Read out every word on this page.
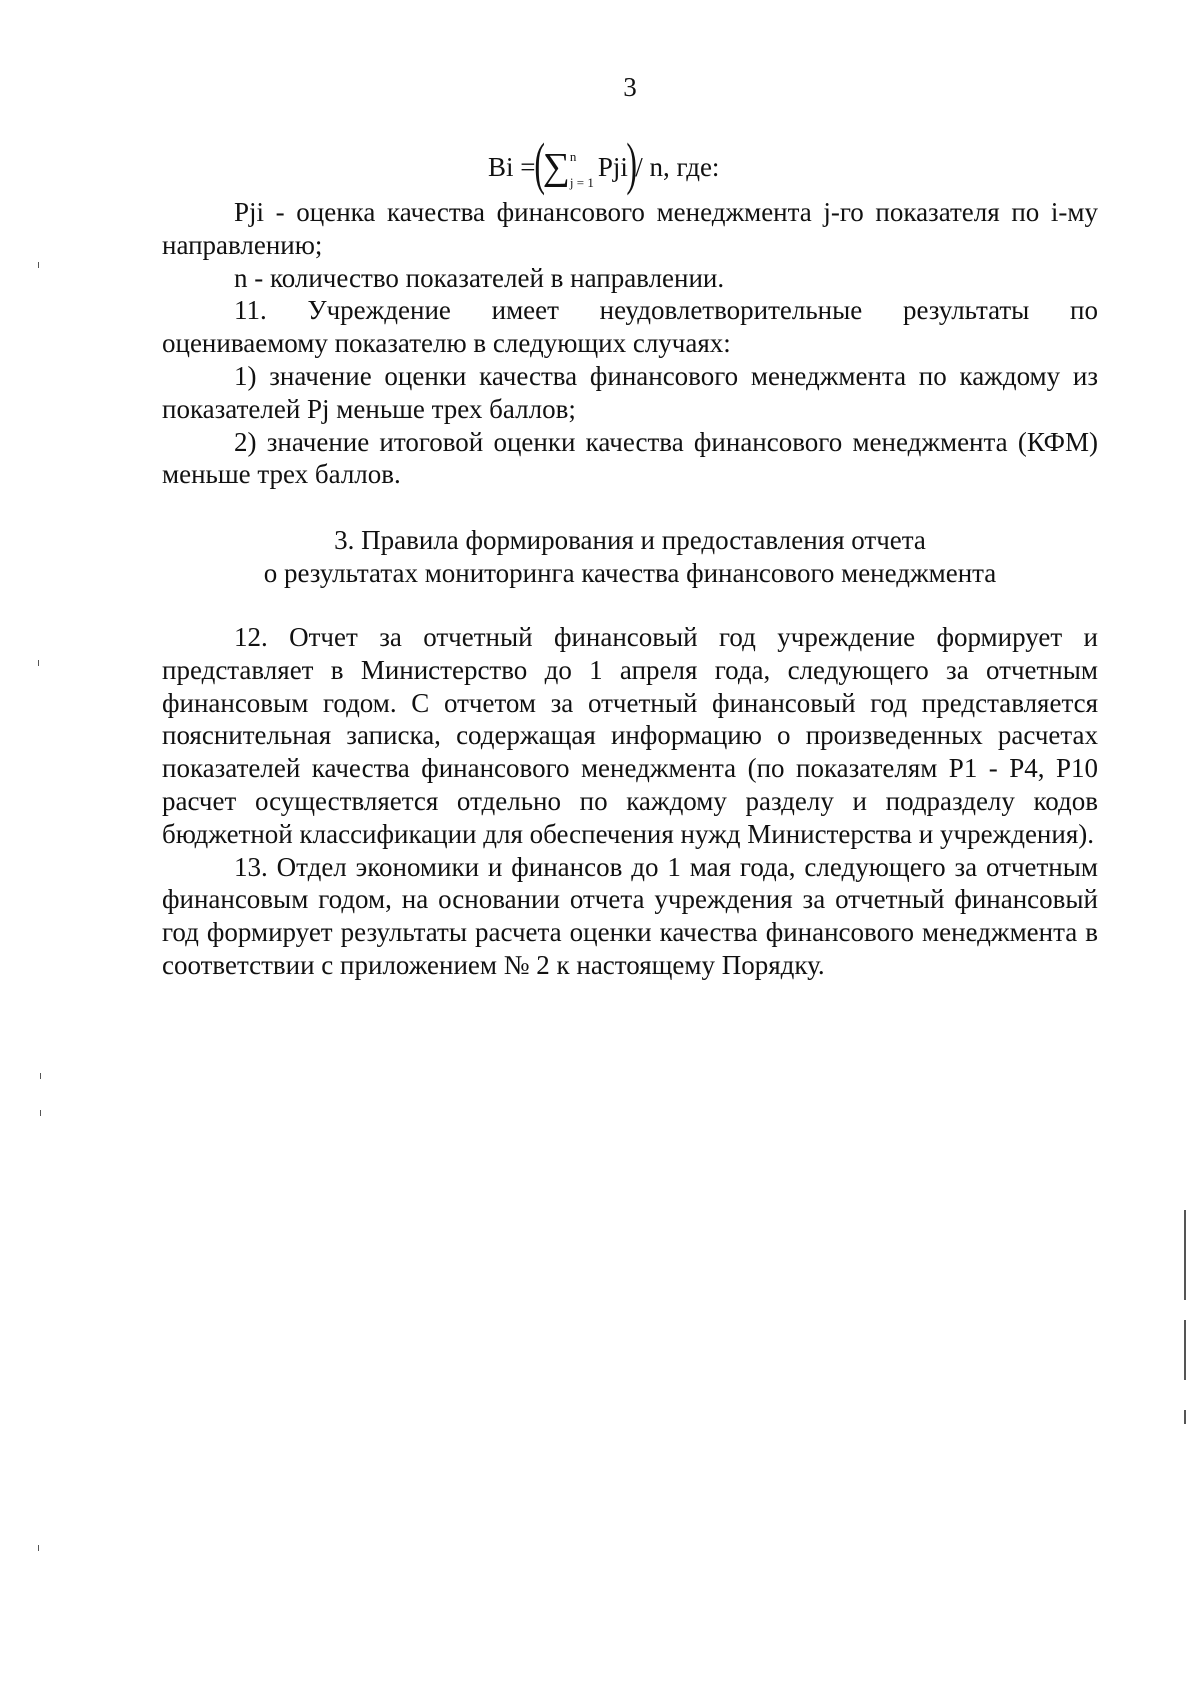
3
Bi =
(
∑ n
j = 1
Pji
)
/ n, где:

Pji - оценка качества финансового менеджмента j-го показателя по i-му направлению;

n - количество показателей в направлении.

11. Учреждение имеет неудовлетворительные результаты по оцениваемому показателю в следующих случаях:

1) значение оценки качества финансового менеджмента по каждому из показателей Pj меньше трех баллов;

2) значение итоговой оценки качества финансового менеджмента (КФМ) меньше трех баллов.

3. Правила формирования и предоставления отчета
о результатах мониторинга качества финансового менеджмента

12. Отчет за отчетный финансовый год учреждение формирует и представляет в Министерство до 1 апреля года, следующего за отчетным финансовым годом. С отчетом за отчетный финансовый год представляется пояснительная записка, содержащая информацию о произведенных расчетах показателей качества финансового менеджмента (по показателям P1 - P4, P10 расчет осуществляется отдельно по каждому разделу и подразделу кодов бюджетной классификации для обеспечения нужд Министерства и учреждения).

13. Отдел экономики и финансов до 1 мая года, следующего за отчетным финансовым годом, на основании отчета учреждения за отчетный финансовый год формирует результаты расчета оценки качества финансового менеджмента в соответствии с приложением № 2 к настоящему Порядку.
